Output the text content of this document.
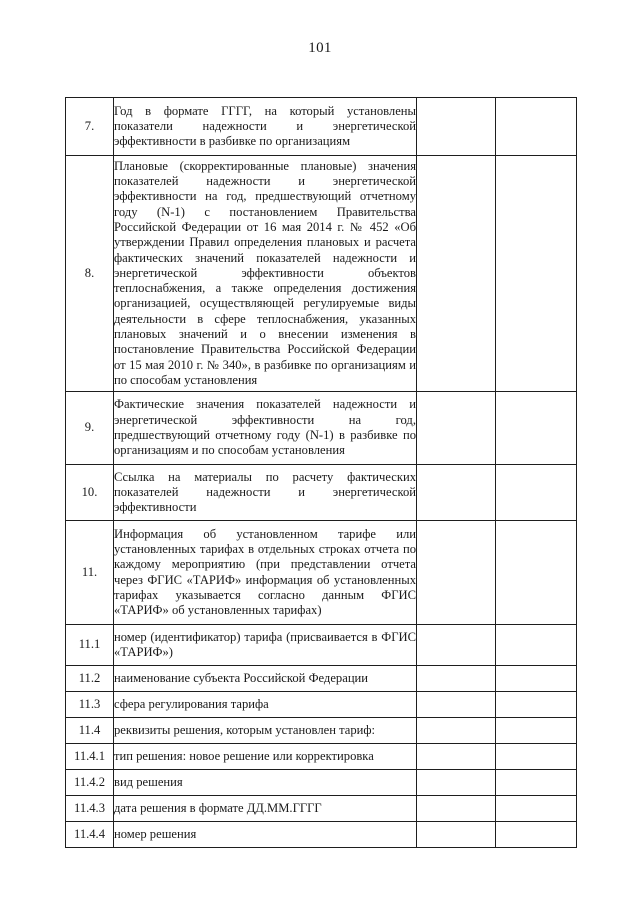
101
7.	Год в формате ГГГГ, на который установлены показатели надежности и энергетической эффективности в разбивке по организациям		

8.	Плановые (скорректированные плановые) значения показателей надежности и энергетической эффективности на год, предшествующий отчетному году (N-1) с постановлением Правительства Российской Федерации от 16 мая 2014 г. № 452 «Об утверждении Правил определения плановых и расчета фактических значений показателей надежности и энергетической эффективности объектов теплоснабжения, а также определения достижения организацией, осуществляющей регулируемые виды деятельности в сфере теплоснабжения, указанных плановых значений и о внесении изменения в постановление Правительства Российской Федерации от 15 мая 2010 г. № 340», в разбивке по организациям и по способам установления		

9.	Фактические значения показателей надежности и энергетической эффективности на год, предшествующий отчетному году (N-1) в разбивке по организациям и по способам установления		

10.	Ссылка на материалы по расчету фактических показателей надежности и энергетической эффективности		

11.	Информация об установленном тарифе или установленных тарифах в отдельных строках отчета по каждому мероприятию (при представлении отчета через ФГИС «ТАРИФ» информация об установленных тарифах указывается согласно данным ФГИС «ТАРИФ» об установленных тарифах)		

11.1	номер (идентификатор) тарифа (присваивается в ФГИС «ТАРИФ»)		

11.2	наименование субъекта Российской Федерации		

11.3	сфера регулирования тарифа		

11.4	реквизиты решения, которым установлен тариф:		

11.4.1	тип решения: новое решение или корректировка		

11.4.2	вид решения		

11.4.3	дата решения в формате ДД.ММ.ГГГГ		

11.4.4	номер решения		
